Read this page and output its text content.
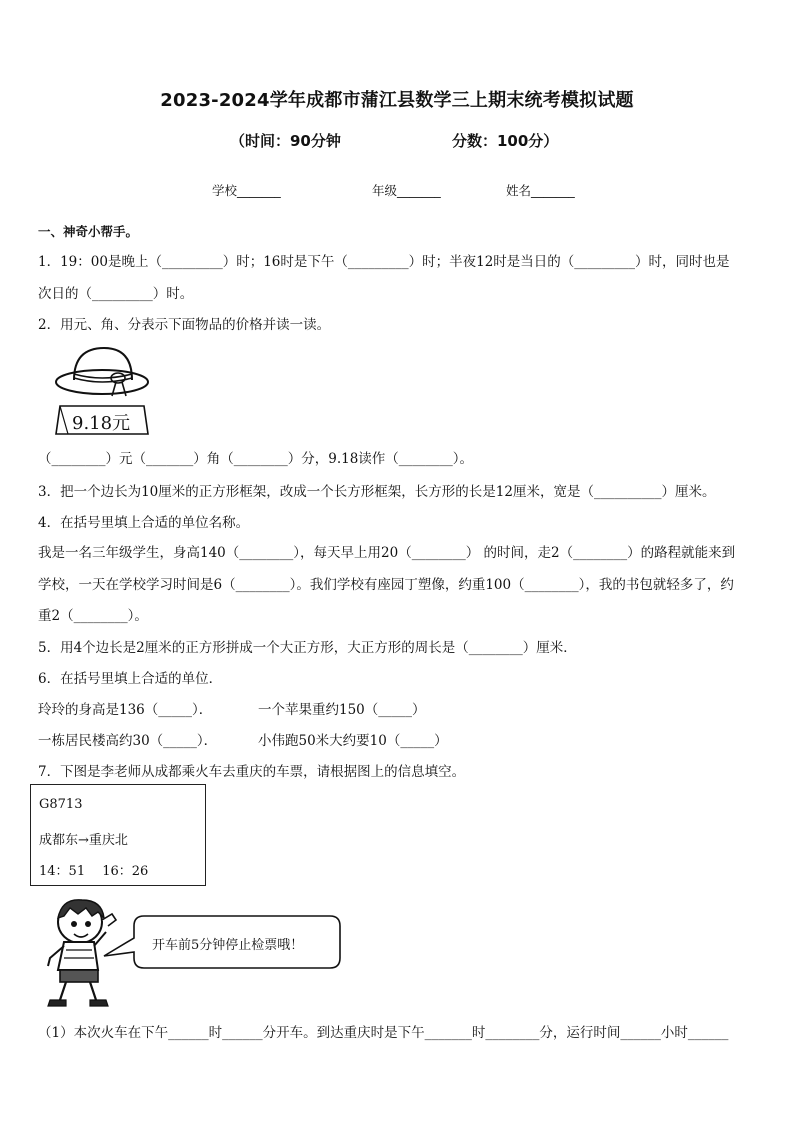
2023-2024学年成都市蒲江县数学三上期末统考模拟试题
（时间：90分钟	分数：100分）
学校_______	年级_______	姓名_______
一、神奇小帮手。
1．19：00是晚上（_________）时；16时是下午（_________）时；半夜12时是当日的（_________）时，同时也是
次日的（_________）时。
2．用元、角、分表示下面物品的价格并读一读。
9.18元
（________）元（_______）角（________）分，9.18读作（________）。
3．把一个边长为10厘米的正方形框架，改成一个长方形框架，长方形的长是12厘米，宽是（__________）厘米。
4．在括号里填上合适的单位名称。
我是一名三年级学生，身高140（________），每天早上用20（________） 的时间，走2（________）的路程就能来到
学校，一天在学校学习时间是6（________）。我们学校有座园丁塑像，约重100（________），我的书包就轻多了，约
重2（________）。
5．用4个边长是2厘米的正方形拼成一个大正方形，大正方形的周长是（________）厘米．
6．在括号里填上合适的单位．
玲玲的身高是136（_____）．	一个苹果重约150（_____）
一栋居民楼高约30（_____）．	小伟跑50米大约要10（_____）
7．下图是李老师从成都乘火车去重庆的车票，请根据图上的信息填空。
G8713
成都东→重庆北
14：51　 16：26
开车前5分钟停止检票哦！
（1）本次火车在下午______时______分开车。到达重庆时是下午_______时________分，运行时间______小时______
